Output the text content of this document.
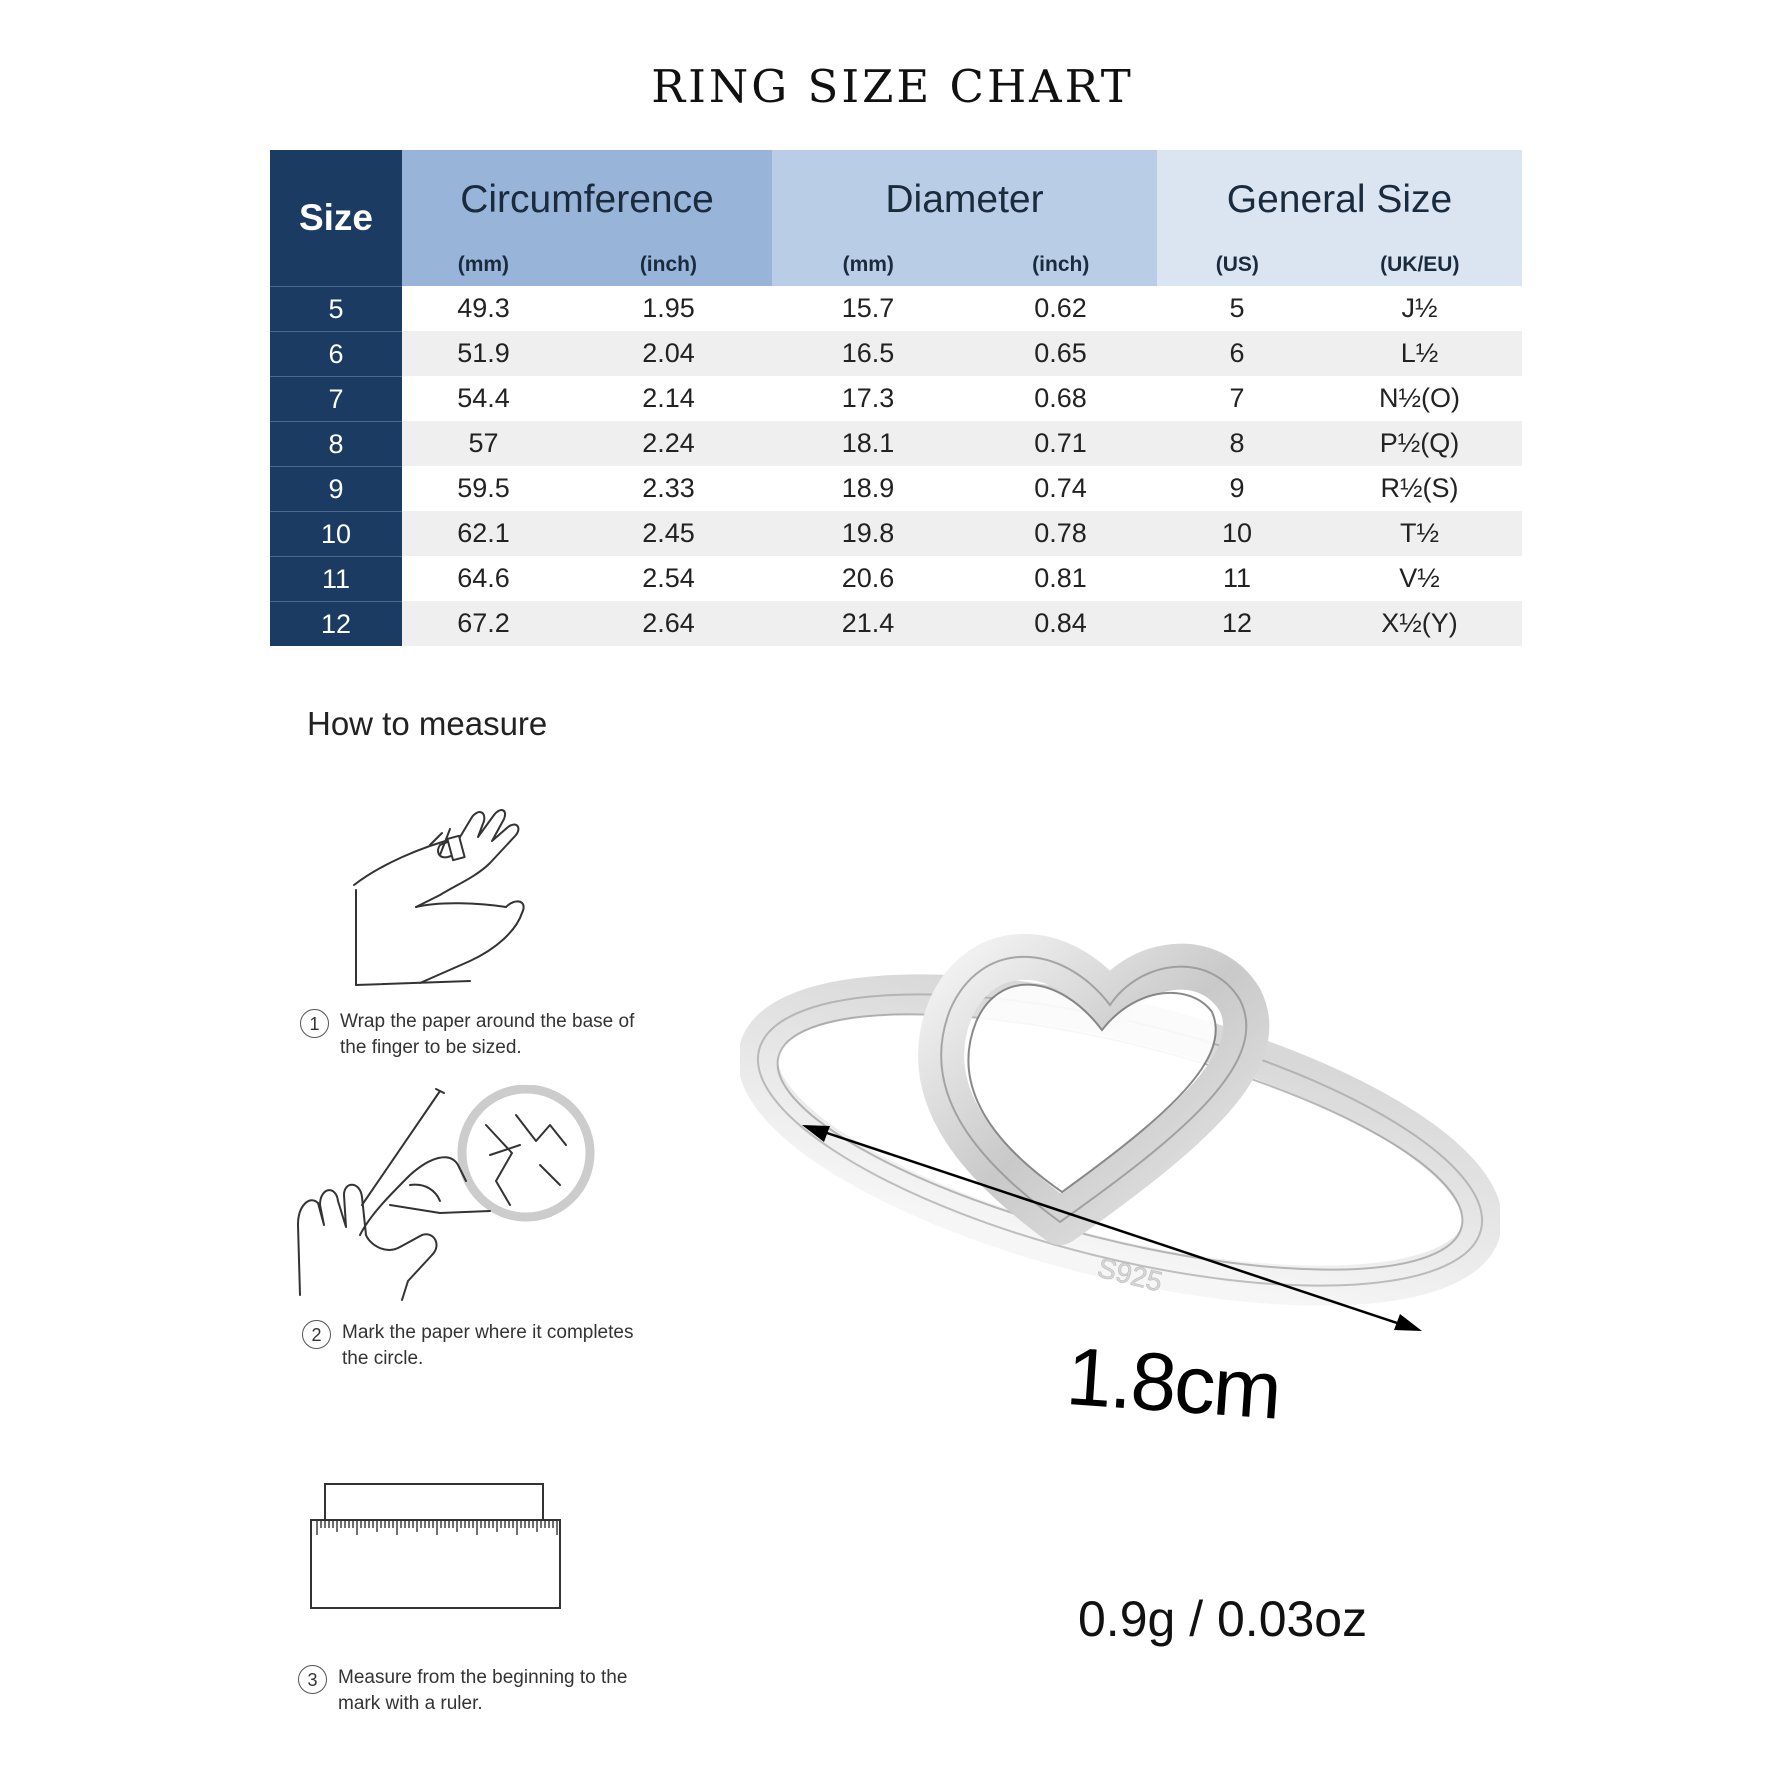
RING SIZE CHART
Size	Circumference
(mm)	(inch)
Diameter
(mm)	(inch)
General Size
(US)	(UK/EU)
5	49.3	1.95	15.7	0.62	5	J½
6	51.9	2.04	16.5	0.65	6	L½
7	54.4	2.14	17.3	0.68	7	N½(O)
8	57	2.24	18.1	0.71	8	P½(Q)
9	59.5	2.33	18.9	0.74	9	R½(S)
10	62.1	2.45	19.8	0.78	10	T½
11	64.6	2.54	20.6	0.81	11	V½
12	67.2	2.64	21.4	0.84	12	X½(Y)
How to measure
1	Wrap the paper around the base of the finger to be sized.
2	Mark the paper where it completes the circle.
3	Measure from the beginning to the mark with a ruler.
S925
1.8cm
0.9g / 0.03oz
